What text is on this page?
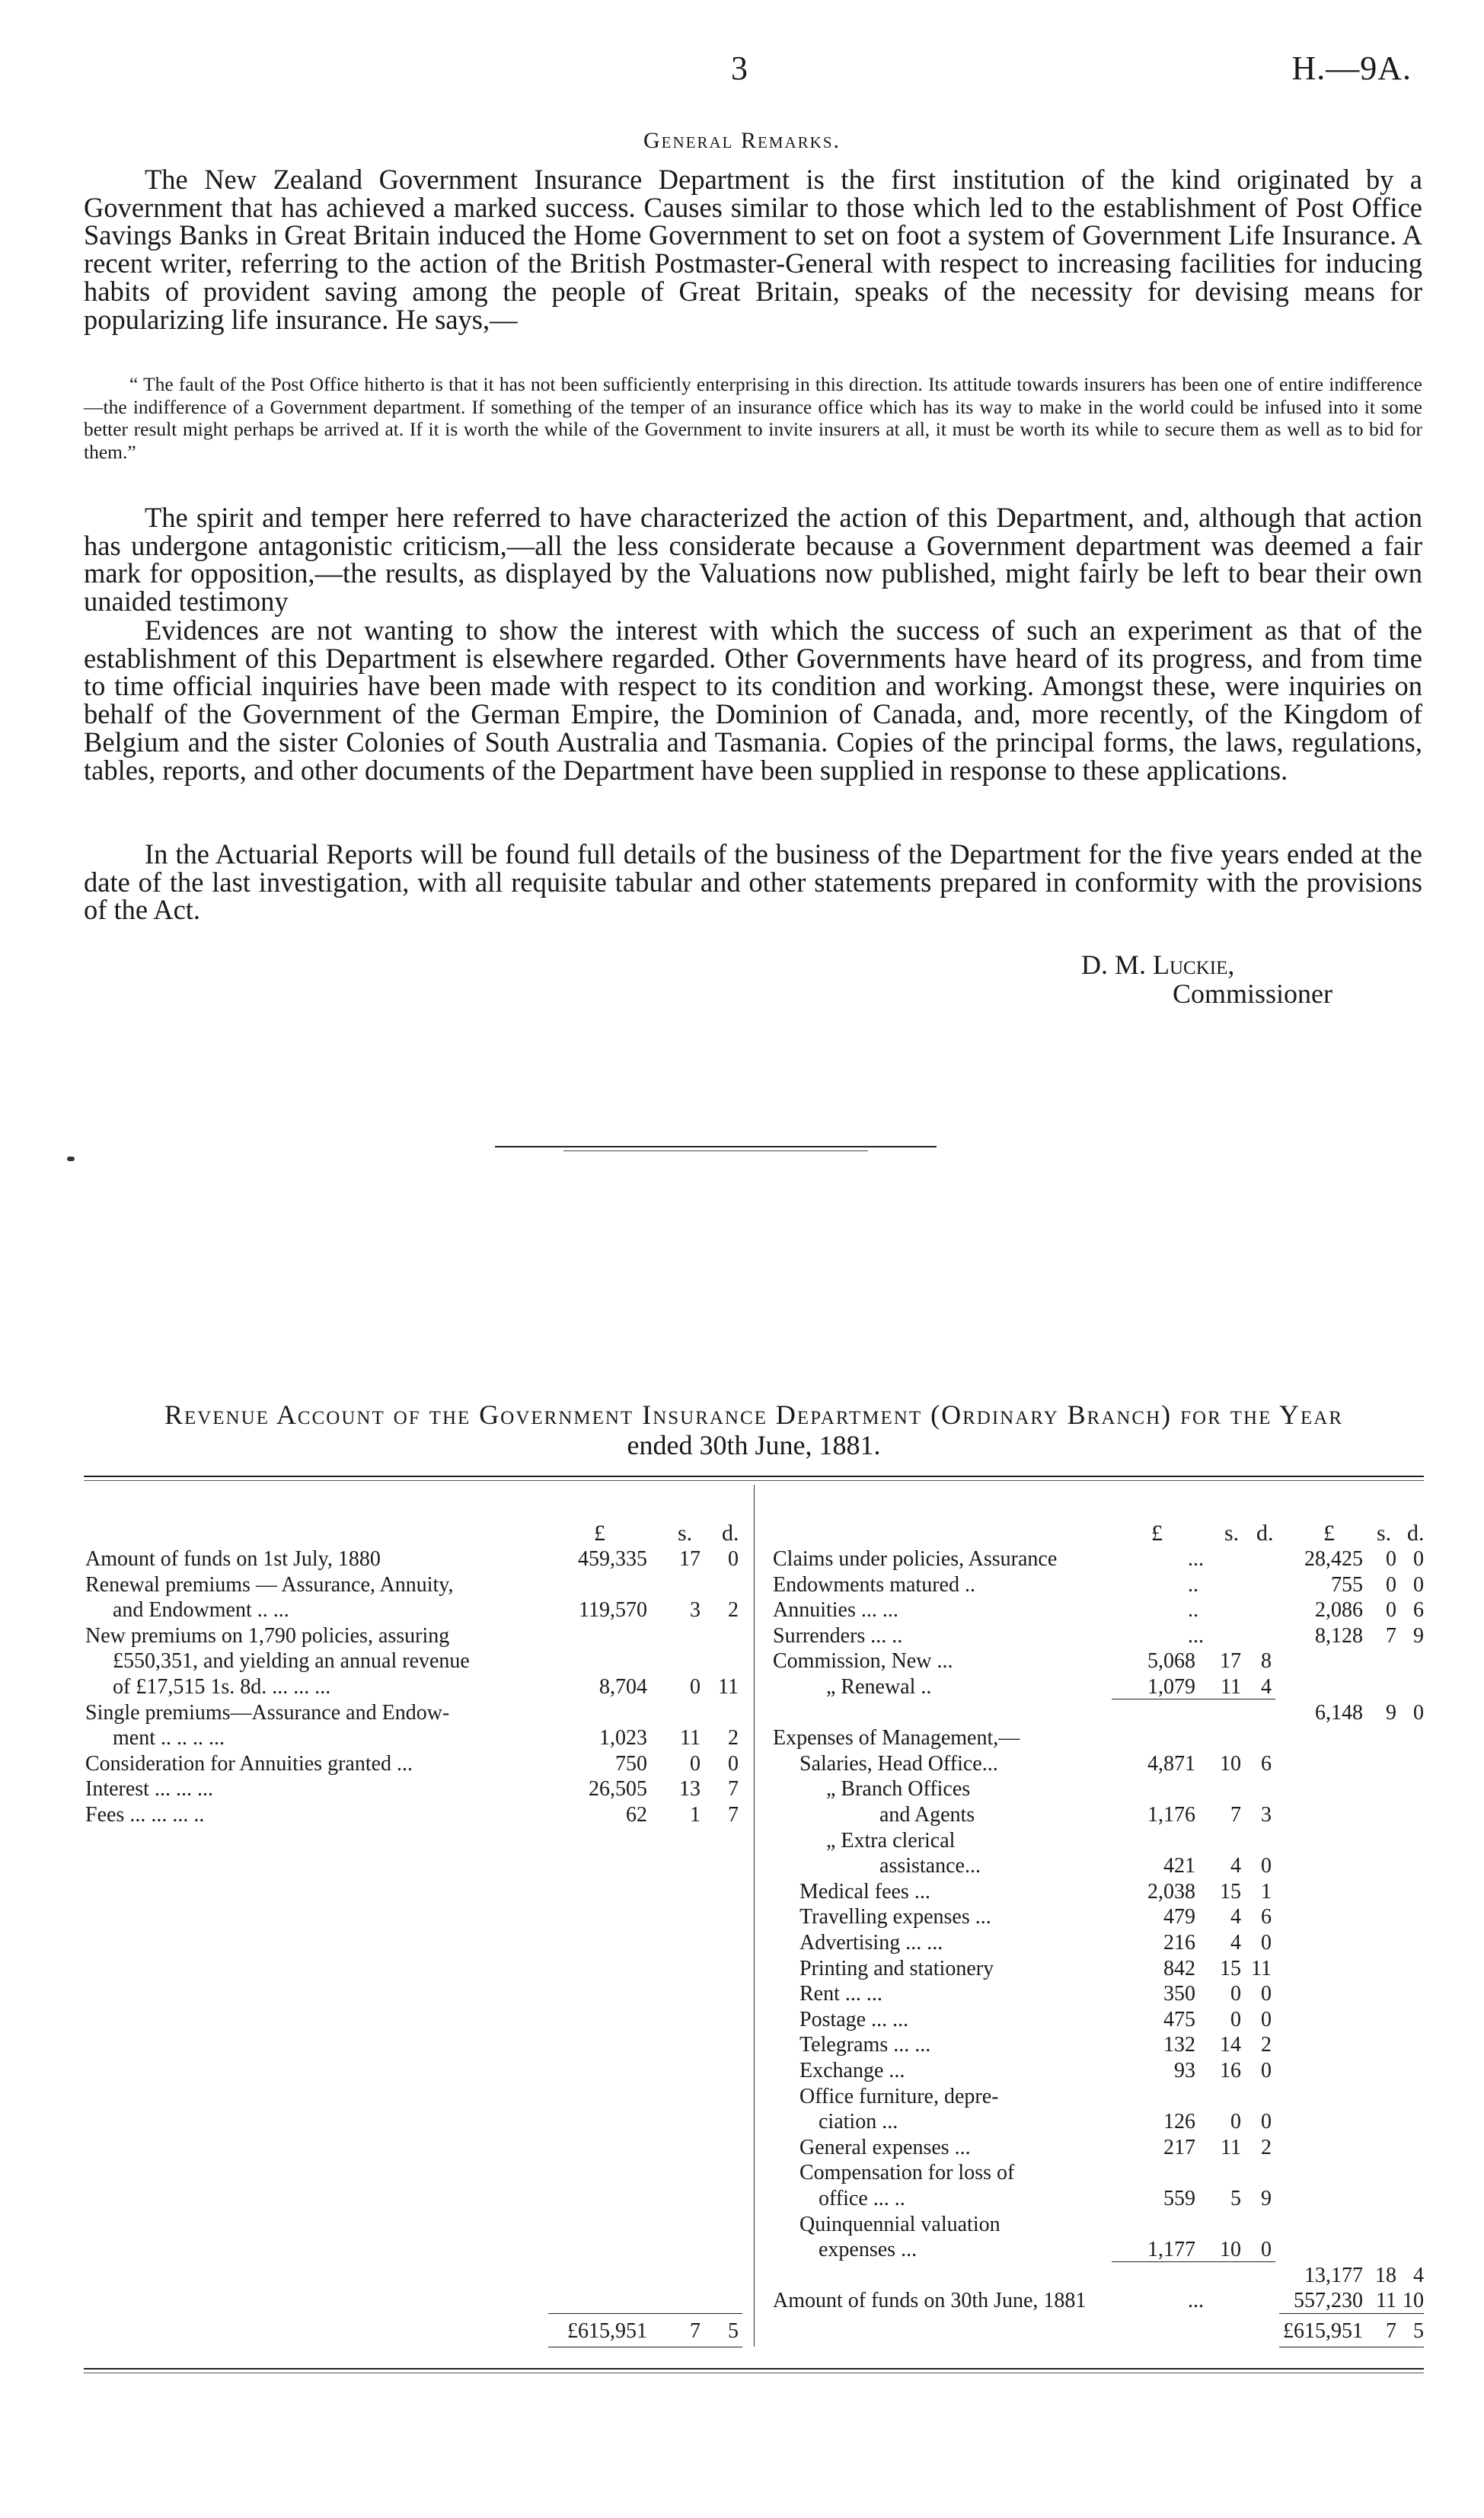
3	H.—9A.
General Remarks.

The New Zealand Government Insurance Department is the first institution of the kind originated by a Government that has achieved a marked success. Causes similar to those which led to the establishment of Post Office Savings Banks in Great Britain induced the Home Government to set on foot a system of Government Life Insurance. A recent writer, referring to the action of the British Postmaster-General with respect to increasing facilities for inducing habits of provident saving among the people of Great Britain, speaks of the necessity for devising means for popularizing life insurance. He says,—

“ The fault of the Post Office hitherto is that it has not been sufficiently enterprising in this direction. Its attitude towards insurers has been one of entire indifference—the indifference of a Government department. If something of the temper of an insurance office which has its way to make in the world could be infused into it some better result might perhaps be arrived at. If it is worth the while of the Government to invite insurers at all, it must be worth its while to secure them as well as to bid for them.”

The spirit and temper here referred to have characterized the action of this Department, and, although that action has undergone antagonistic criticism,—all the less considerate because a Government department was deemed a fair mark for opposition,—the results, as displayed by the Valuations now published, might fairly be left to bear their own unaided testimony

Evidences are not wanting to show the interest with which the success of such an experiment as that of the establishment of this Department is elsewhere regarded. Other Governments have heard of its progress, and from time to time official inquiries have been made with respect to its condition and working. Amongst these, were inquiries on behalf of the Government of the German Empire, the Dominion of Canada, and, more recently, of the Kingdom of Belgium and the sister Colonies of South Australia and Tasmania. Copies of the principal forms, the laws, regulations, tables, reports, and other documents of the Department have been supplied in response to these applications.

In the Actuarial Reports will be found full details of the business of the Department for the five years ended at the date of the last investigation, with all requisite tabular and other statements prepared in conformity with the provisions of the Act.

D. M. Luckie,
Commissioner
Revenue Account of the Government Insurance Department (Ordinary Branch) for the Year
ended 30th June, 1881.
£	s. d.
Amount of funds on 1st July, 1880	459,335	17	0
Renewal premiums — Assurance, Annuity,
and Endowment .. ...	119,570	3	2
New premiums on 1,790 policies, assuring
£550,351, and yielding an annual revenue
of £17,515 1s. 8d. ... ... ...	8,704	0 11
Single premiums—Assurance and Endow-
ment .. .. .. ...	1,023	11	2
Consideration for Annuities granted ...	750	0	0
Interest ... ... ...	26,505	13	7
Fees ... ... ... ..	62	1	7
£615,951	7	5
£	s. d. £ s. d.
Claims under policies, Assurance	...	28,425	0 0
Endowments matured ..	..	755	0 0
Annuities ... ...	..	2,086	0 6
Surrenders ... ..	...	8,128	7 9
Commission, New ...	5,068	17 8
„ Renewal ..	1,079	11 4
6,148	9 0
Expenses of Management,—
Salaries, Head Office...	4,871	10 6
„ Branch Offices
and Agents	1,176	7 3
„ Extra clerical
assistance...	421	4 0
Medical fees ...	2,038	15 1
Travelling expenses ...	479	4 6
Advertising ... ...	216	4 0
Printing and stationery	842	15 11
Rent ... ...	350	0 0
Postage ... ...	475	0 0
Telegrams ... ...	132	14 2
Exchange ...	93	16 0
Office furniture, depre-
ciation ...	126	0 0
General expenses ...	217	11 2
Compensation for loss of
office ... ..	559	5 9
Quinquennial valuation
expenses ...	1,177	10 0
13,177 18 4
Amount of funds on 30th June, 1881	...	557,230 11 10
£615,951	7 5
